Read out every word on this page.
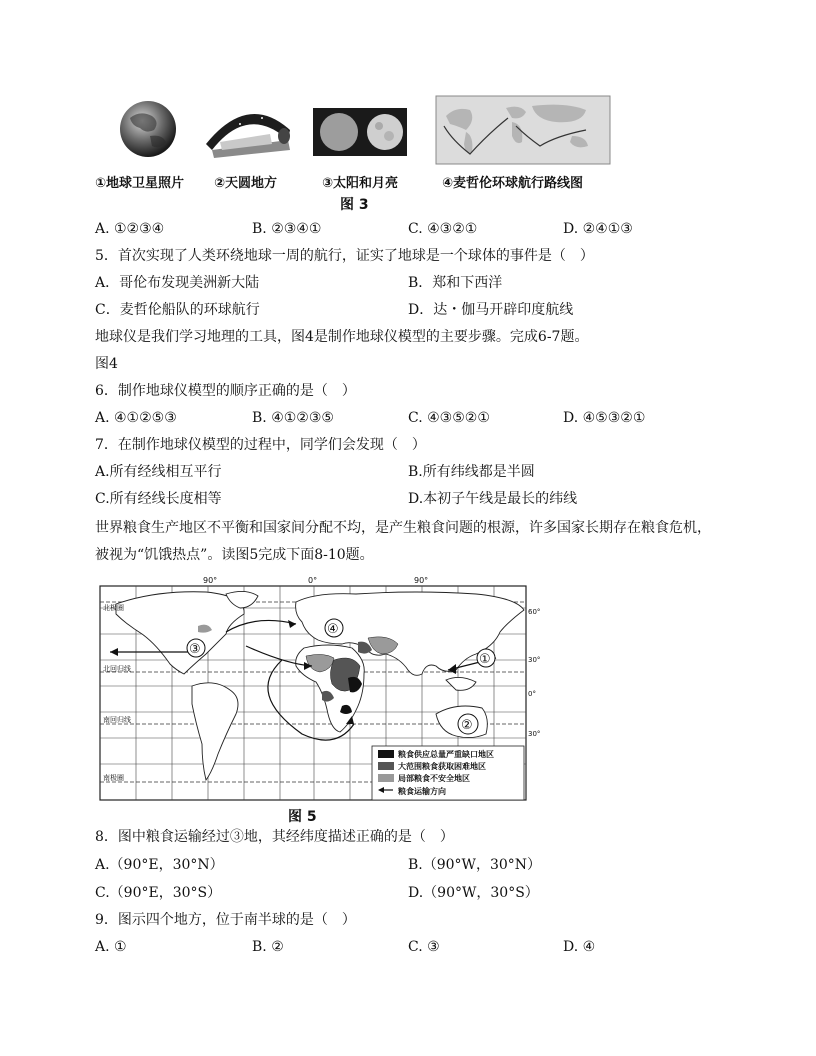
①地球卫星照片 ②天圆地方	③太阳和月亮	④麦哲伦环球航行路线图
图 3
A. ①②③④	B. ②③④①	C. ④③②①	D. ②④①③
5．首次实现了人类环绕地球一周的航行，证实了地球是一个球体的事件是（　）
A．哥伦布发现美洲新大陆	B．郑和下西洋
C．麦哲伦船队的环球航行	D．达・伽马开辟印度航线
地球仪是我们学习地理的工具，图4是制作地球仪模型的主要步骤。完成6-7题。
图4
6．制作地球仪模型的顺序正确的是（　）
A. ④①②⑤③	B. ④①②③⑤	C. ④③⑤②①	D. ④⑤③②①
7．在制作地球仪模型的过程中，同学们会发现（　）
A.所有经线相互平行	B.所有纬线都是半圆
C.所有经线长度相等	D.本初子午线是最长的纬线
世界粮食生产地区不平衡和国家间分配不均，是产生粮食问题的根源，许多国家长期存在粮食危机，
被视为“饥饿热点”。读图5完成下面8-10题。
90°	0°	90°
①
②
③
④
北极圈
北回归线
南回归线
南极圈
60°
30°
0°
30°
粮食供应总量严重缺口地区
大范围粮食获取困难地区
局部粮食不安全地区
粮食运输方向
图 5
8．图中粮食运输经过③地，其经纬度描述正确的是（　）
A.（90°E，30°N）	B.（90°W，30°N）
C.（90°E，30°S）	D.（90°W，30°S）
9．图示四个地方，位于南半球的是（　）
A. ①	B. ②	C. ③	D. ④
